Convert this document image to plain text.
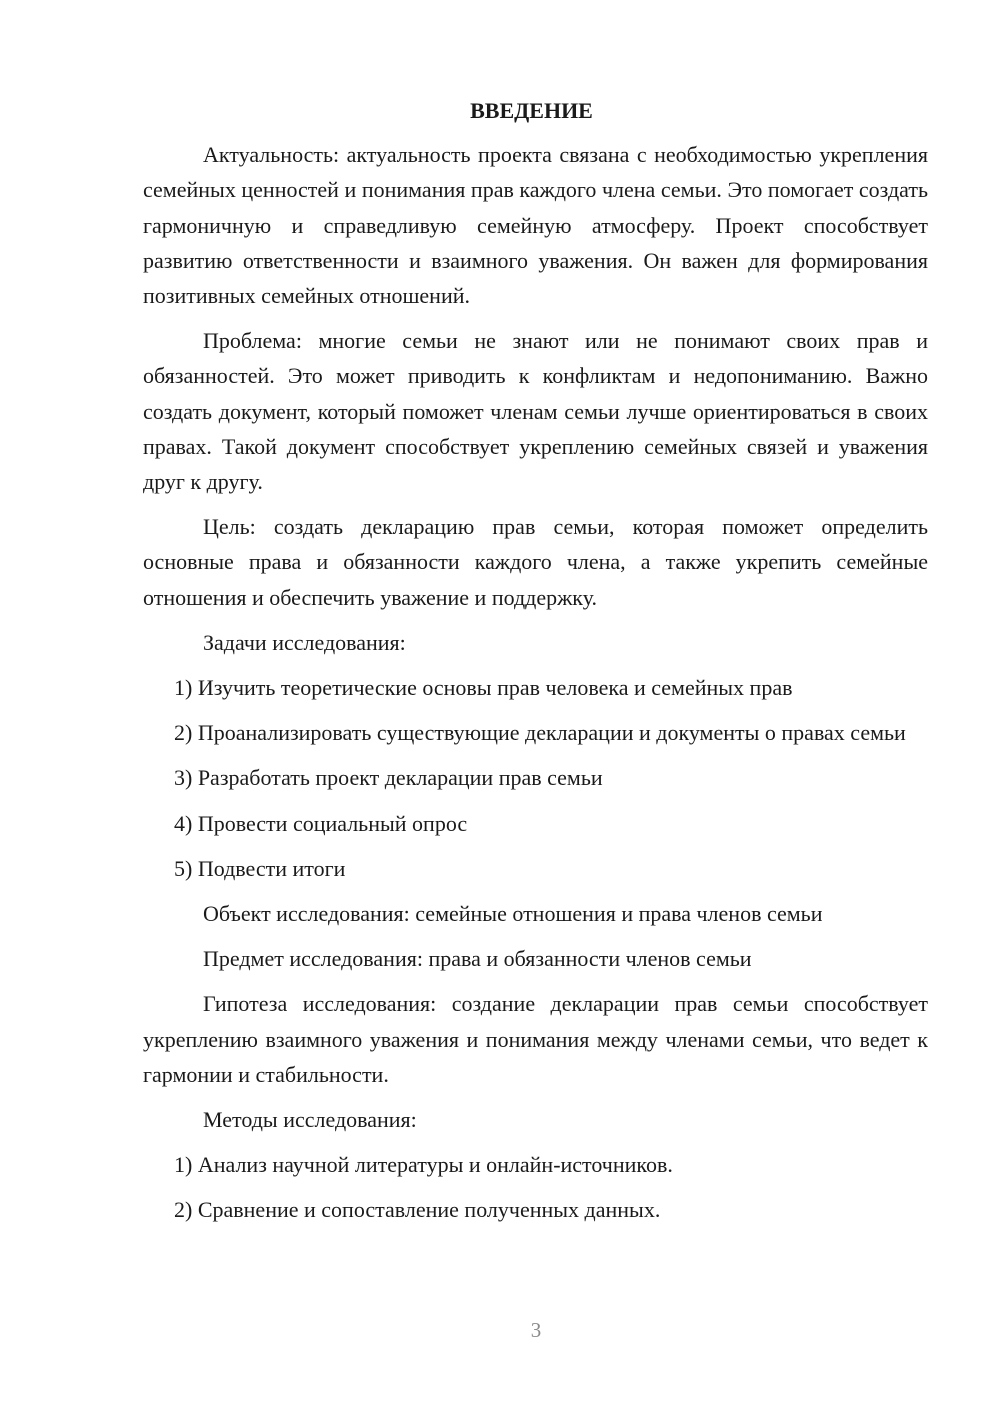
ВВЕДЕНИЕ

Актуальность: актуальность проекта связана с необходимостью укрепления семейных ценностей и понимания прав каждого члена семьи. Это помогает создать гармоничную и справедливую семейную атмосферу. Проект способствует развитию ответственности и взаимного уважения. Он важен для формирования позитивных семейных отношений.

Проблема: многие семьи не знают или не понимают своих прав и обязанностей. Это может приводить к конфликтам и недопониманию. Важно создать документ, который поможет членам семьи лучше ориентироваться в своих правах. Такой документ способствует укреплению семейных связей и уважения друг к другу.

Цель: создать декларацию прав семьи, которая поможет определить основные права и обязанности каждого члена, а также укрепить семейные отношения и обеспечить уважение и поддержку.

Задачи исследования:

1) Изучить теоретические основы прав человека и семейных прав

2) Проанализировать существующие декларации и документы о правах семьи

3) Разработать проект декларации прав семьи

4) Провести социальный опрос

5) Подвести итоги

Объект исследования: семейные отношения и права членов семьи

Предмет исследования: права и обязанности членов семьи

Гипотеза исследования: создание декларации прав семьи способствует укреплению взаимного уважения и понимания между членами семьи, что ведет к гармонии и стабильности.

Методы исследования:

1) Анализ научной литературы и онлайн-источников.

2) Сравнение и сопоставление полученных данных.

3
